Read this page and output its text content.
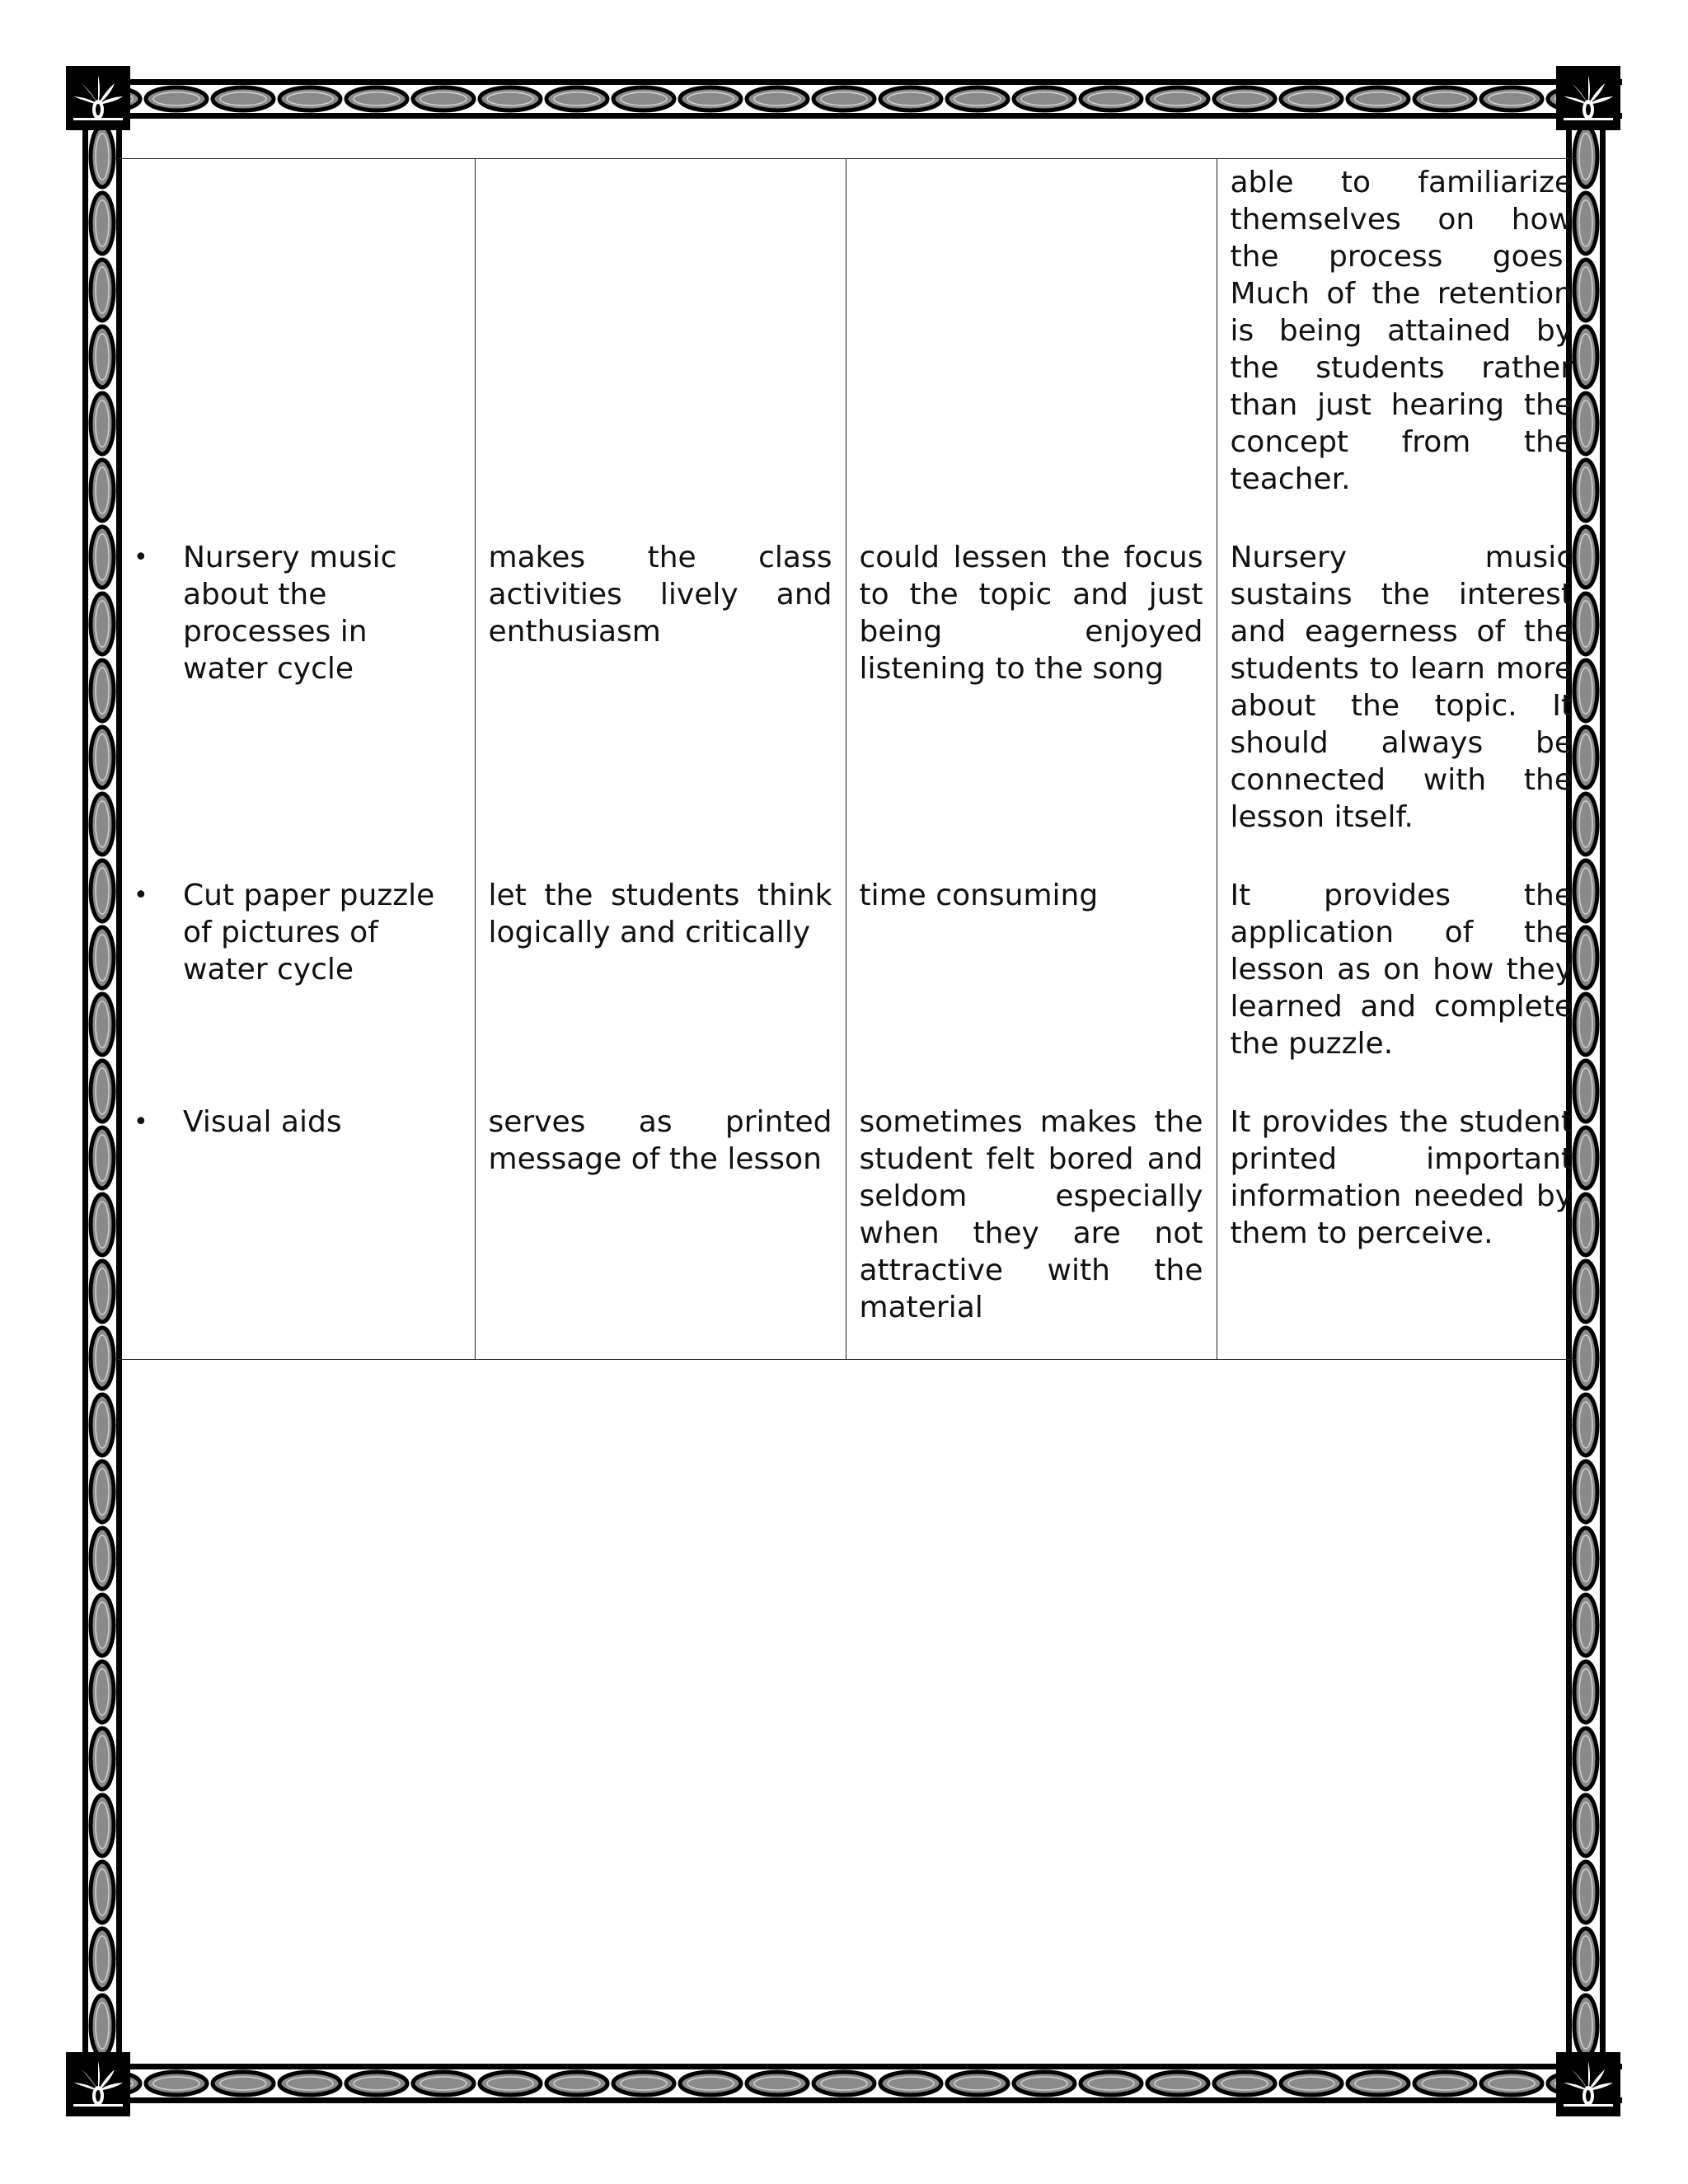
			able to familiarize themselves on how the process goes. Much of the retention is being attained by the students rather than just hearing the concept from the teacher.

• Nursery music about the processes in water cycle	makes the class activities lively and enthusiasm	could lessen the focus to the topic and just being enjoyed listening to the song	Nursery music sustains the interest and eagerness of the students to learn more about the topic. It should always be connected with the lesson itself.

• Cut paper puzzle of pictures of water cycle	let the students think logically and critically	time consuming	It provides the application of the lesson as on how they learned and complete the puzzle.

• Visual aids	serves as printed message of the lesson	sometimes makes the student felt bored and seldom especially when they are not attractive with the material	It provides the student printed important information needed by them to perceive.
